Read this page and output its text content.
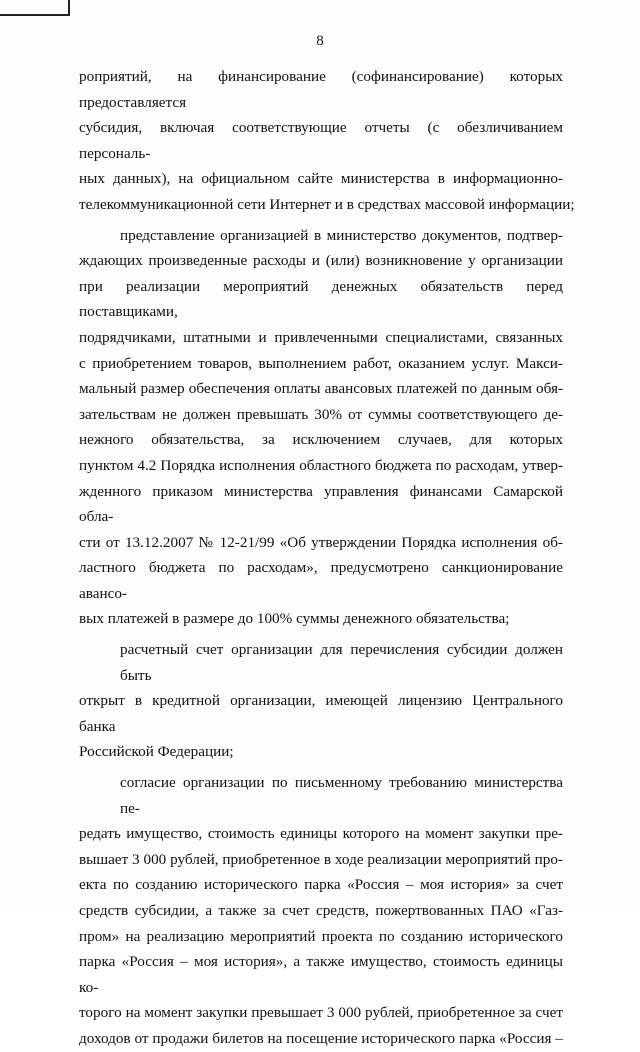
8
роприятий, на финансирование (софинансирование) которых предоставляется
субсидия, включая соответствующие отчеты (с обезличиванием персональ-
ных данных), на официальном сайте министерства в информационно-
телекоммуникационной сети Интернет и в средствах массовой информации;
представление организацией в министерство документов, подтвер-
ждающих произведенные расходы и (или) возникновение у организации
при реализации мероприятий денежных обязательств перед поставщиками,
подрядчиками, штатными и привлеченными специалистами, связанных
с приобретением товаров, выполнением работ, оказанием услуг. Макси-
мальный размер обеспечения оплаты авансовых платежей по данным обя-
зательствам не должен превышать 30% от суммы соответствующего де-
нежного обязательства, за исключением случаев, для которых
пунктом 4.2 Порядка исполнения областного бюджета по расходам, утвер-
жденного приказом министерства управления финансами Самарской обла-
сти от 13.12.2007 № 12-21/99 «Об утверждении Порядка исполнения об-
ластного бюджета по расходам», предусмотрено санкционирование авансо-
вых платежей в размере до 100% суммы денежного обязательства;
расчетный счет организации для перечисления субсидии должен быть
открыт в кредитной организации, имеющей лицензию Центрального банка
Российской Федерации;
согласие организации по письменному требованию министерства пе-
редать имущество, стоимость единицы которого на момент закупки пре-
вышает 3 000 рублей, приобретенное в ходе реализации мероприятий про-
екта по созданию исторического парка «Россия – моя история» за счет
средств субсидии, а также за счет средств, пожертвованных ПАО «Газ-
пром» на реализацию мероприятий проекта по созданию исторического
парка «Россия – моя история», а также имущество, стоимость единицы ко-
торого на момент закупки превышает 3 000 рублей, приобретенное за счет
доходов от продажи билетов на посещение исторического парка «Россия –
